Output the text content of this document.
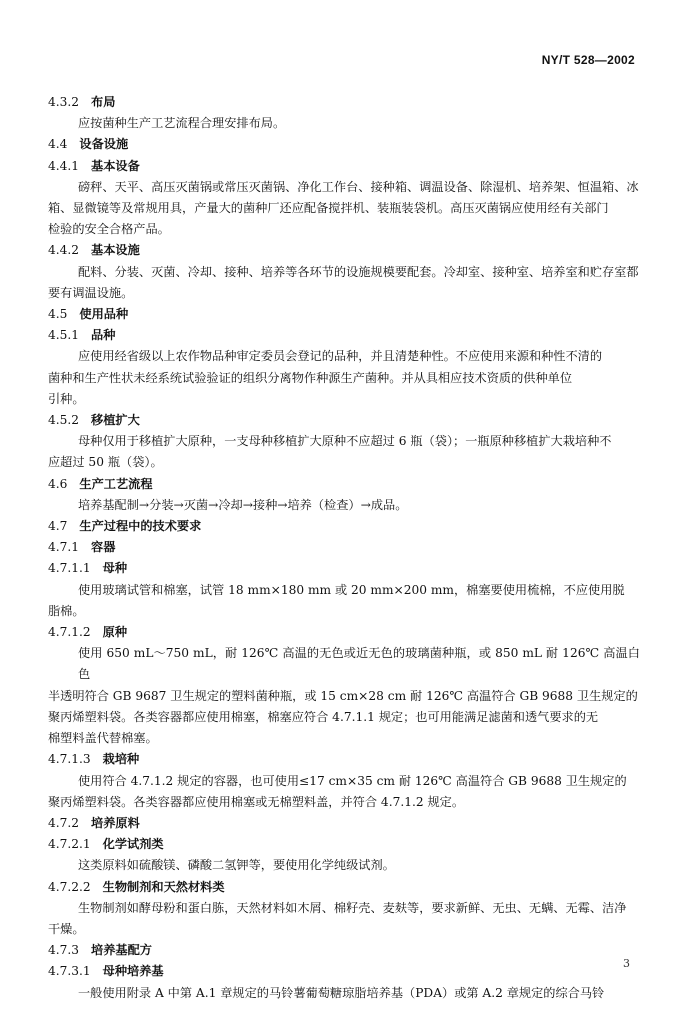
NY/T 528—2002
4.3.2 布局
应按菌种生产工艺流程合理安排布局。
4.4 设备设施
4.4.1 基本设备
磅秤、天平、高压灭菌锅或常压灭菌锅、净化工作台、接种箱、调温设备、除湿机、培养架、恒温箱、冰
箱、显微镜等及常规用具，产量大的菌种厂还应配备搅拌机、装瓶装袋机。高压灭菌锅应使用经有关部门
检验的安全合格产品。
4.4.2 基本设施
配料、分装、灭菌、冷却、接种、培养等各环节的设施规模要配套。冷却室、接种室、培养室和贮存室都
要有调温设施。
4.5 使用品种
4.5.1 品种
应使用经省级以上农作物品种审定委员会登记的品种，并且清楚种性。不应使用来源和种性不清的
菌种和生产性状未经系统试验验证的组织分离物作种源生产菌种。并从具相应技术资质的供种单位
引种。
4.5.2 移植扩大
母种仅用于移植扩大原种，一支母种移植扩大原种不应超过 6 瓶（袋）；一瓶原种移植扩大栽培种不
应超过 50 瓶（袋）。
4.6 生产工艺流程
培养基配制→分装→灭菌→冷却→接种→培养（检查）→成品。
4.7 生产过程中的技术要求
4.7.1 容器
4.7.1.1 母种
使用玻璃试管和棉塞，试管 18 mm×180 mm 或 20 mm×200 mm，棉塞要使用梳棉，不应使用脱
脂棉。
4.7.1.2 原种
使用 650 mL～750 mL，耐 126℃ 高温的无色或近无色的玻璃菌种瓶，或 850 mL 耐 126℃ 高温白色
半透明符合 GB 9687 卫生规定的塑料菌种瓶，或 15 cm×28 cm 耐 126℃ 高温符合 GB 9688 卫生规定的
聚丙烯塑料袋。各类容器都应使用棉塞，棉塞应符合 4.7.1.1 规定；也可用能满足滤菌和透气要求的无
棉塑料盖代替棉塞。
4.7.1.3 栽培种
使用符合 4.7.1.2 规定的容器，也可使用≤17 cm×35 cm 耐 126℃ 高温符合 GB 9688 卫生规定的
聚丙烯塑料袋。各类容器都应使用棉塞或无棉塑料盖，并符合 4.7.1.2 规定。
4.7.2 培养原料
4.7.2.1 化学试剂类
这类原料如硫酸镁、磷酸二氢钾等，要使用化学纯级试剂。
4.7.2.2 生物制剂和天然材料类
生物制剂如酵母粉和蛋白胨，天然材料如木屑、棉籽壳、麦麸等，要求新鲜、无虫、无螨、无霉、洁净
干燥。
4.7.3 培养基配方
4.7.3.1 母种培养基
一般使用附录 A 中第 A.1 章规定的马铃薯葡萄糖琼脂培养基（PDA）或第 A.2 章规定的综合马铃
3
